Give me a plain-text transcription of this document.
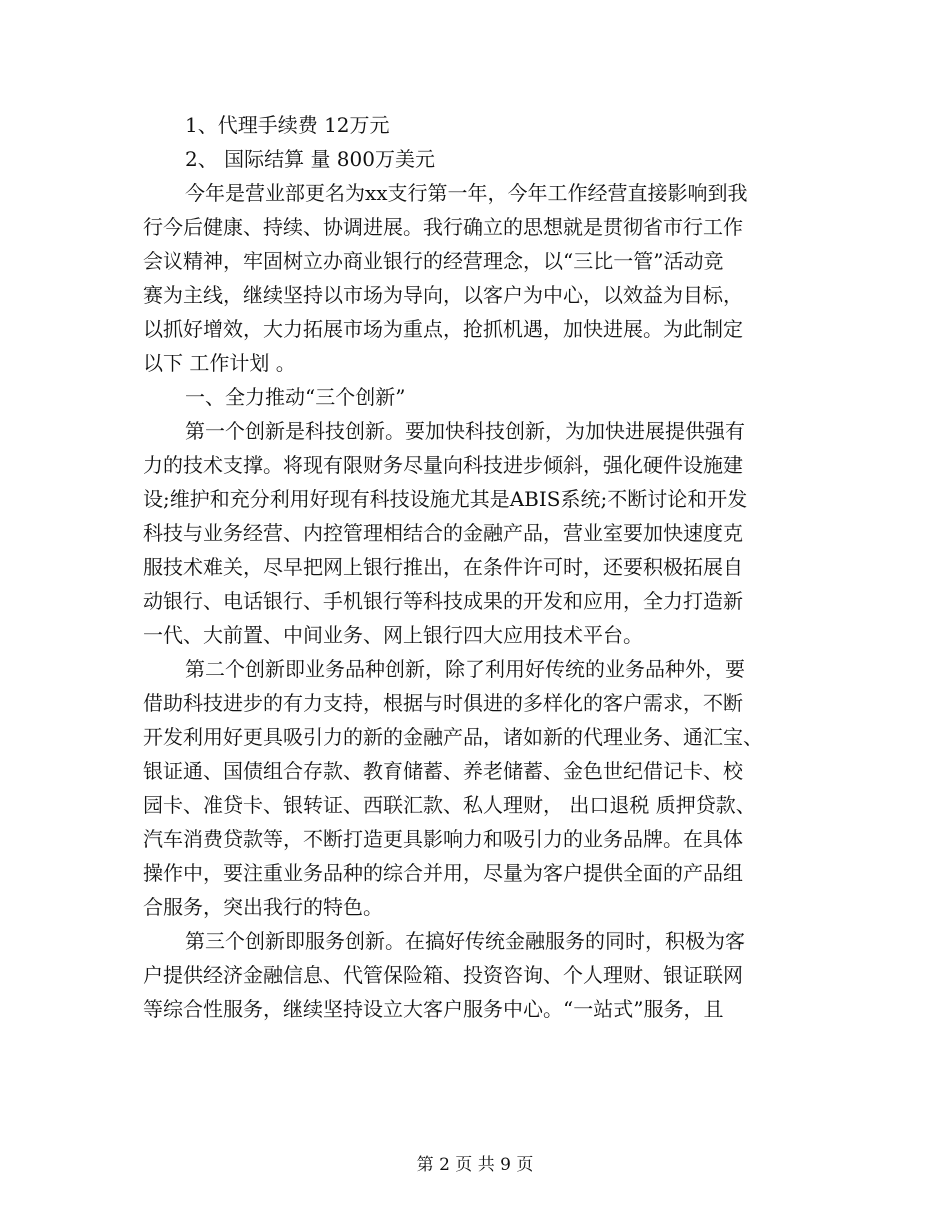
1、代理手续费 12万元
2、 国际结算 量 800万美元
今年是营业部更名为xx支行第一年，今年工作经营直接影响到我
行今后健康、持续、协调进展。我行确立的思想就是贯彻省市行工作
会议精神，牢固树立办商业银行的经营理念，以“三比一管”活动竞
赛为主线，继续坚持以市场为导向，以客户为中心，以效益为目标，
以抓好增效，大力拓展市场为重点，抢抓机遇，加快进展。为此制定
以下 工作计划 。
一、全力推动“三个创新”
第一个创新是科技创新。要加快科技创新，为加快进展提供强有
力的技术支撑。将现有限财务尽量向科技进步倾斜，强化硬件设施建
设;维护和充分利用好现有科技设施尤其是ABIS系统;不断讨论和开发
科技与业务经营、内控管理相结合的金融产品，营业室要加快速度克
服技术难关，尽早把网上银行推出，在条件许可时，还要积极拓展自
动银行、电话银行、手机银行等科技成果的开发和应用，全力打造新
一代、大前置、中间业务、网上银行四大应用技术平台。
第二个创新即业务品种创新，除了利用好传统的业务品种外，要
借助科技进步的有力支持，根据与时俱进的多样化的客户需求，不断
开发利用好更具吸引力的新的金融产品，诸如新的代理业务、通汇宝、
银证通、国债组合存款、教育储蓄、养老储蓄、金色世纪借记卡、校
园卡、准贷卡、银转证、西联汇款、私人理财， 出口退税 质押贷款、
汽车消费贷款等，不断打造更具影响力和吸引力的业务品牌。在具体
操作中，要注重业务品种的综合并用，尽量为客户提供全面的产品组
合服务，突出我行的特色。
第三个创新即服务创新。在搞好传统金融服务的同时，积极为客
户提供经济金融信息、代管保险箱、投资咨询、个人理财、银证联网
等综合性服务，继续坚持设立大客户服务中心。“一站式”服务，且
第 2 页 共 9 页
